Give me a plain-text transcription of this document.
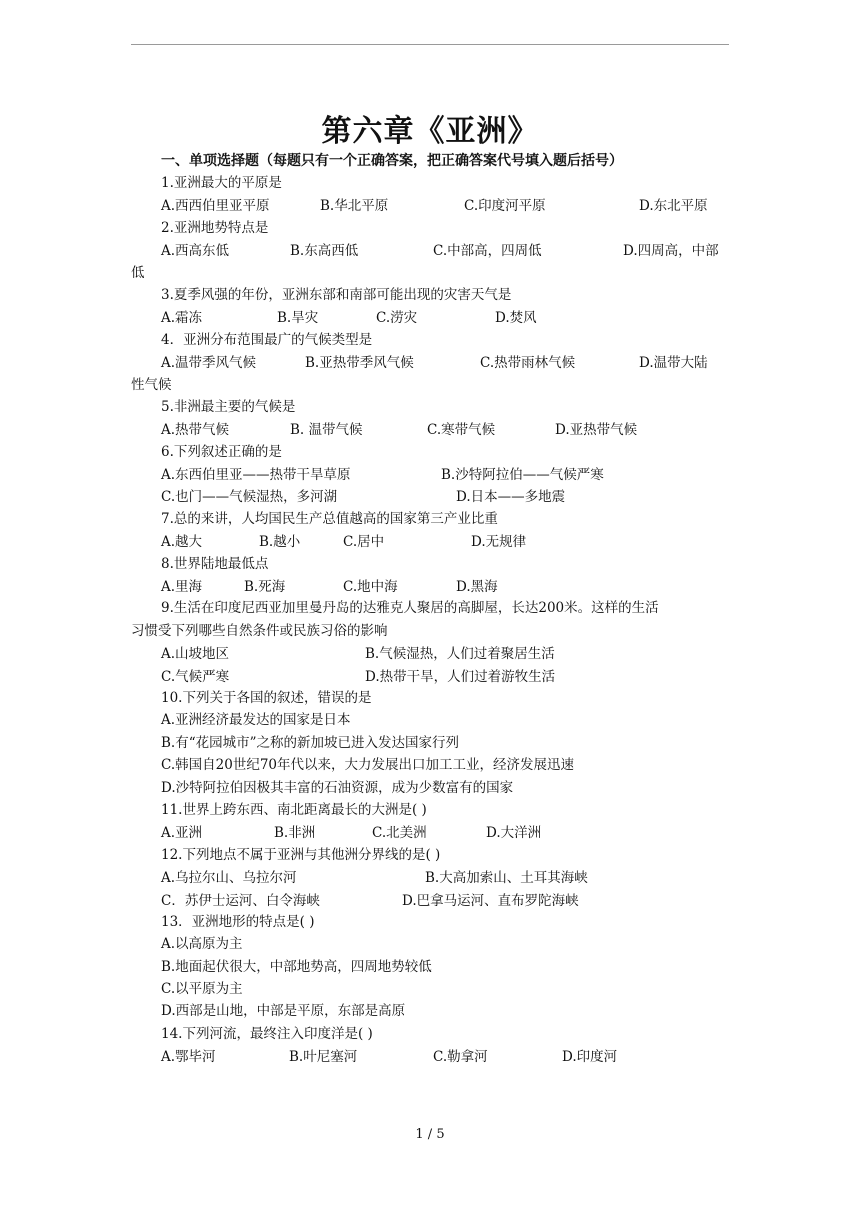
第六章《亚洲》
一、单项选择题（每题只有一个正确答案，把正确答案代号填入题后括号）
1.亚洲最大的平原是
A.西西伯里亚平原	B.华北平原	C.印度河平原	D.东北平原
2.亚洲地势特点是
A.西高东低	B.东高西低	C.中部高，四周低	D.四周高，中部
低
3.夏季风强的年份，亚洲东部和南部可能出现的灾害天气是
A.霜冻	B.旱灾	C.涝灾	D.焚风
4．亚洲分布范围最广的气候类型是
A.温带季风气候	B.亚热带季风气候	C.热带雨林气候	D.温带大陆
性气候
5.非洲最主要的气候是
A.热带气候	B. 温带气候	C.寒带气候	D.亚热带气候
6.下列叙述正确的是
A.东西伯里亚——热带干旱草原	B.沙特阿拉伯——气候严寒
C.也门——气候湿热，多河湖	D.日本——多地震
7.总的来讲，人均国民生产总值越高的国家第三产业比重
A.越大	B.越小	C.居中	D.无规律
8.世界陆地最低点
A.里海	B.死海	C.地中海	D.黑海
9.生活在印度尼西亚加里曼丹岛的达雅克人聚居的高脚屋，长达200米。这样的生活
习惯受下列哪些自然条件或民族习俗的影响
A.山坡地区	B.气候湿热，人们过着聚居生活
C.气候严寒	D.热带干旱，人们过着游牧生活
10.下列关于各国的叙述，错误的是
A.亚洲经济最发达的国家是日本
B.有“花园城市”之称的新加坡已进入发达国家行列
C.韩国自20世纪70年代以来，大力发展出口加工工业，经济发展迅速
D.沙特阿拉伯因极其丰富的石油资源，成为少数富有的国家
11.世界上跨东西、南北距离最长的大洲是( )
A.亚洲	B.非洲	C.北美洲	D.大洋洲
12.下列地点不属于亚洲与其他洲分界线的是( )
A.乌拉尔山、乌拉尔河	B.大高加索山、土耳其海峡
C．苏伊士运河、白令海峡	D.巴拿马运河、直布罗陀海峡
13．亚洲地形的特点是( )
A.以高原为主
B.地面起伏很大，中部地势高，四周地势较低
C.以平原为主
D.西部是山地，中部是平原，东部是高原
14.下列河流，最终注入印度洋是( )
A.鄂毕河	B.叶尼塞河	C.勒拿河	D.印度河
1 / 5
